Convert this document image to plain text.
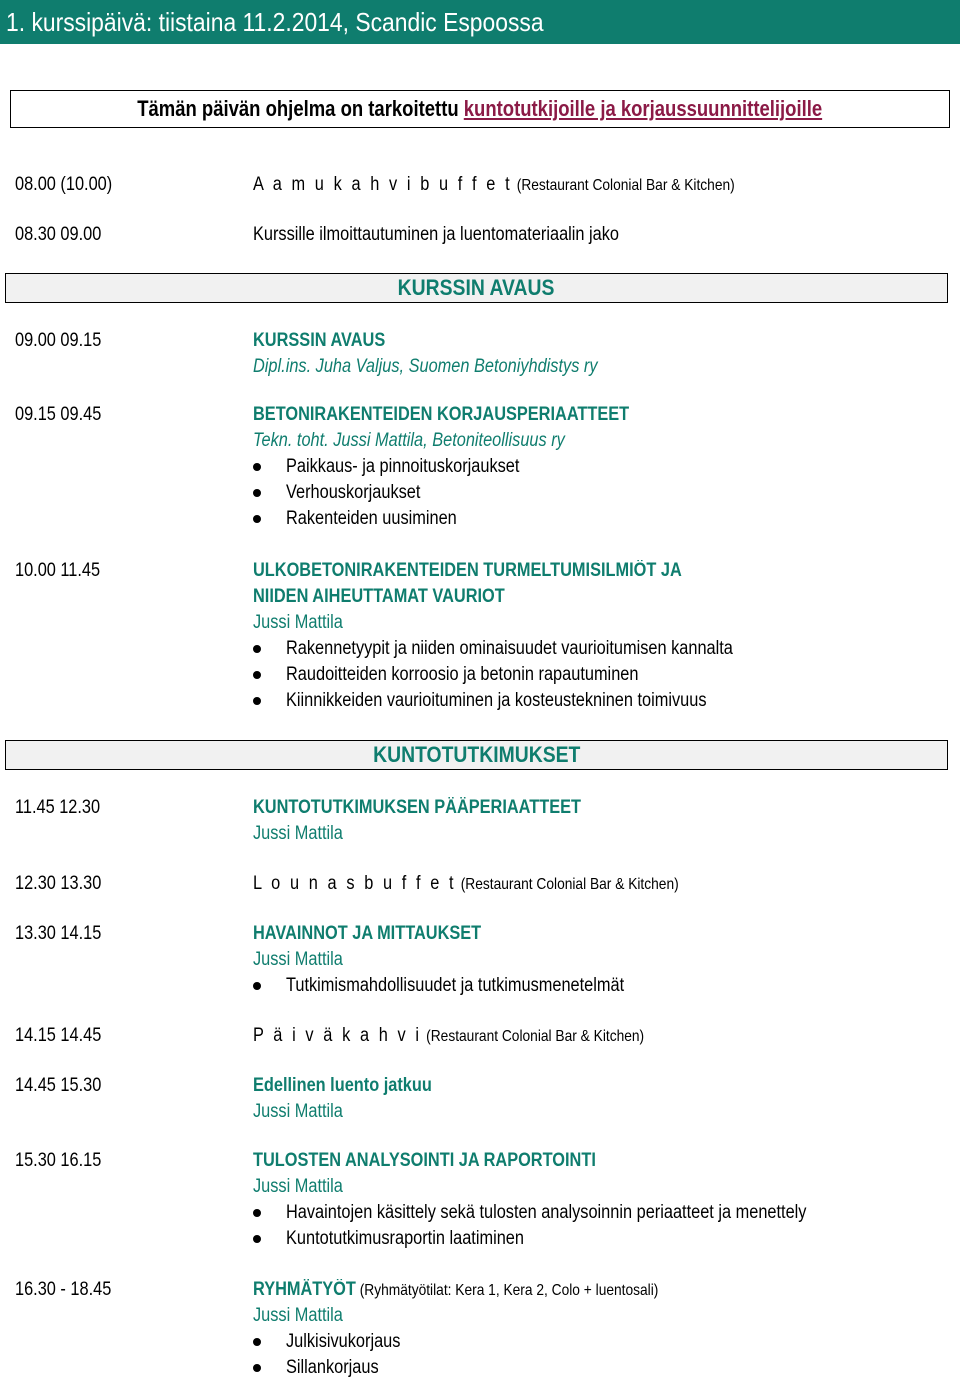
1. kurssipäivä: tiistaina 11.2.2014, Scandic Espoossa
Tämän päivän ohjelma on tarkoitettu kuntotutkijoille ja korjaussuunnittelijoille
08.00 (10.00)	A a m u k a h v i b u f f e t (Restaurant Colonial Bar & Kitchen)
08.30 09.00	Kurssille ilmoittautuminen ja luentomateriaalin jako
KURSSIN AVAUS
09.00 09.15	KURSSIN AVAUS
Dipl.ins. Juha Valjus, Suomen Betoniyhdistys ry
09.15 09.45	BETONIRAKENTEIDEN KORJAUSPERIAATTEET
Tekn. toht. Jussi Mattila, Betoniteollisuus ry
Paikkaus- ja pinnoituskorjaukset
Verhouskorjaukset
Rakenteiden uusiminen
10.00 11.45	ULKOBETONIRAKENTEIDEN TURMELTUMISILMIÖT JA
NIIDEN AIHEUTTAMAT VAURIOT
Jussi Mattila
Rakennetyypit ja niiden ominaisuudet vaurioitumisen kannalta
Raudoitteiden korroosio ja betonin rapautuminen
Kiinnikkeiden vaurioituminen ja kosteustekninen toimivuus
KUNTOTUTKIMUKSET
11.45 12.30	KUNTOTUTKIMUKSEN PÄÄPERIAATTEET
Jussi Mattila
12.30 13.30	L o u n a s b u f f e t (Restaurant Colonial Bar & Kitchen)
13.30 14.15	HAVAINNOT JA MITTAUKSET
Jussi Mattila
Tutkimismahdollisuudet ja tutkimusmenetelmät
14.15 14.45	P ä i v ä k a h v i (Restaurant Colonial Bar & Kitchen)
14.45 15.30	Edellinen luento jatkuu
Jussi Mattila
15.30 16.15	TULOSTEN ANALYSOINTI JA RAPORTOINTI
Jussi Mattila
Havaintojen käsittely sekä tulosten analysoinnin periaatteet ja menettely
Kuntotutkimusraportin laatiminen
16.30 - 18.45	RYHMÄTYÖT (Ryhmätyötilat: Kera 1, Kera 2, Colo + luentosali)
Jussi Mattila
Julkisivukorjaus
Sillankorjaus
